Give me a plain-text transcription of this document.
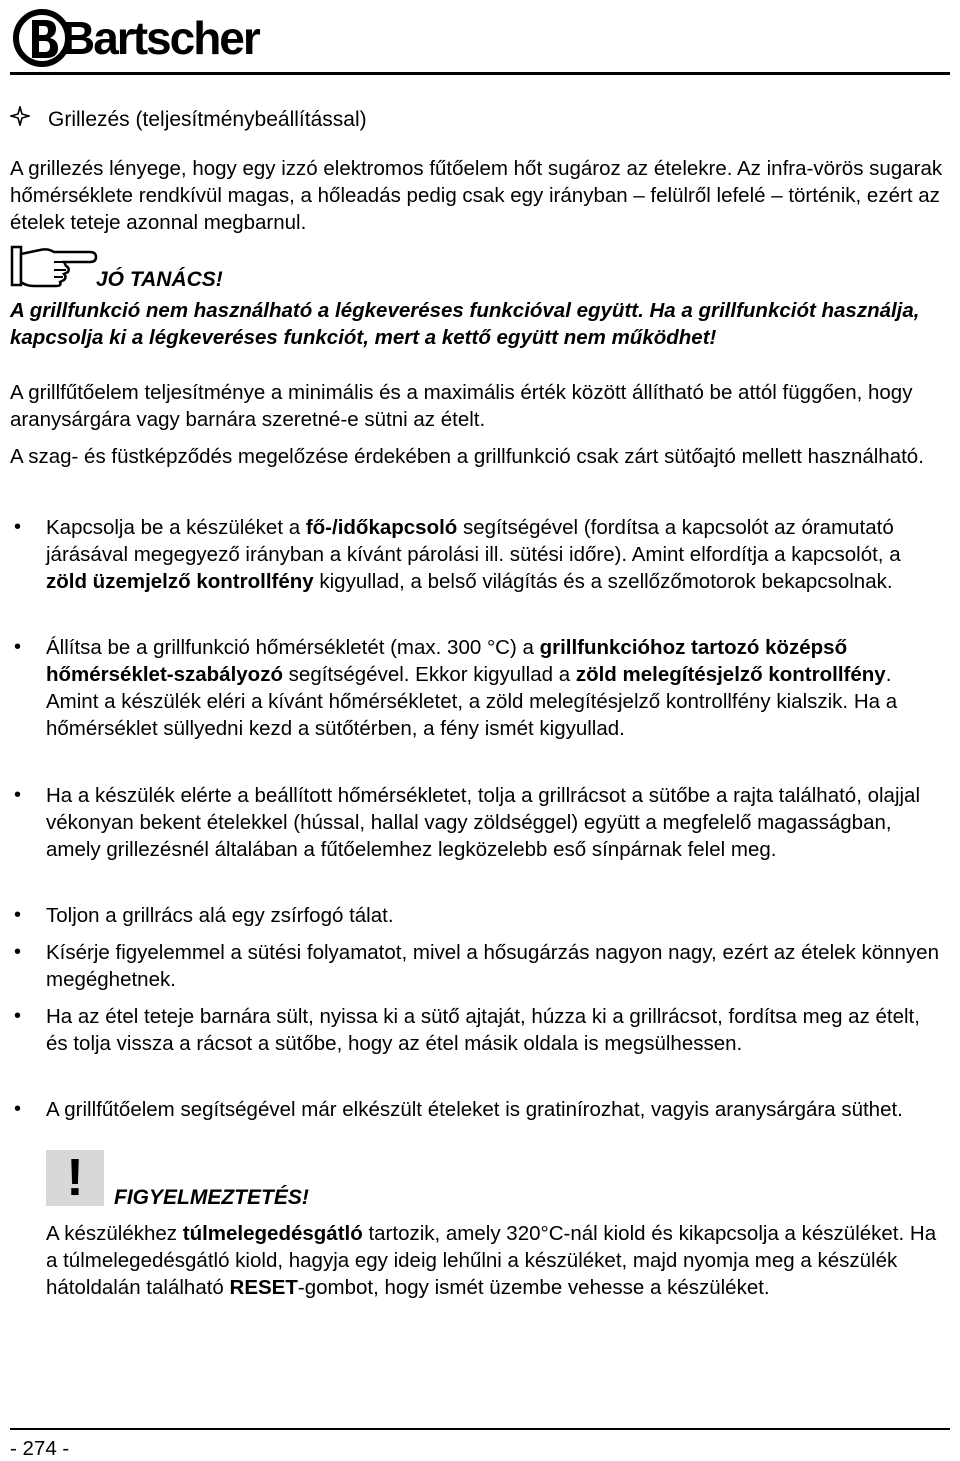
Bartscher
Grillezés (teljesítménybeállítással)

A grillezés lényege, hogy egy izzó elektromos fűtőelem hőt sugároz az ételekre. Az infra-vörös sugarak hőmérséklete rendkívül magas, a hőleadás pedig csak egy irányban – felülről lefelé – történik, ezért az ételek teteje azonnal megbarnul.

JÓ TANÁCS!

A grillfunkció nem használható a légkeveréses funkcióval együtt. Ha a grillfunkciót használja, kapcsolja ki a légkeveréses funkciót, mert a kettő együtt nem működhet!

A grillfűtőelem teljesítménye a minimális és a maximális érték között állítható be attól függően, hogy aranysárgára vagy barnára szeretné-e sütni az ételt.

A szag- és füstképződés megelőzése érdekében a grillfunkció csak zárt sütőajtó mellett használható.

• Kapcsolja be a készüléket a fő-/időkapcsoló segítségével (fordítsa a kapcsolót az óramutató járásával megegyező irányban a kívánt párolási ill. sütési időre). Amint elfordítja a kapcsolót, a zöld üzemjelző kontrollfény kigyullad, a belső világítás és a szellőzőmotorok bekapcsolnak.
• Állítsa be a grillfunkció hőmérsékletét (max. 300 °C) a grillfunkcióhoz tartozó középső hőmérséklet-szabályozó segítségével. Ekkor kigyullad a zöld melegítésjelző kontrollfény. Amint a készülék eléri a kívánt hőmérsékletet, a zöld melegítésjelző kontrollfény kialszik. Ha a hőmérséklet süllyedni kezd a sütőtérben, a fény ismét kigyullad.
• Ha a készülék elérte a beállított hőmérsékletet, tolja a grillrácsot a sütőbe a rajta található, olajjal vékonyan bekent ételekkel (hússal, hallal vagy zöldséggel) együtt a megfelelő magasságban, amely grillezésnél általában a fűtőelemhez legközelebb eső sínpárnak felel meg.
• Toljon a grillrács alá egy zsírfogó tálat.
• Kísérje figyelemmel a sütési folyamatot, mivel a hősugárzás nagyon nagy, ezért az ételek könnyen megéghetnek.
• Ha az étel teteje barnára sült, nyissa ki a sütő ajtaját, húzza ki a grillrácsot, fordítsa meg az ételt, és tolja vissza a rácsot a sütőbe, hogy az étel másik oldala is megsülhessen.
• A grillfűtőelem segítségével már elkészült ételeket is gratinírozhat, vagyis aranysárgára süthet.
!	FIGYELMEZTETÉS!

A készülékhez túlmelegedésgátló tartozik, amely 320°C-nál kiold és kikapcsolja a készüléket. Ha a túlmelegedésgátló kiold, hagyja egy ideig lehűlni a készüléket, majd nyomja meg a készülék hátoldalán található RESET-gombot, hogy ismét üzembe vehesse a készüléket.

- 274 -
